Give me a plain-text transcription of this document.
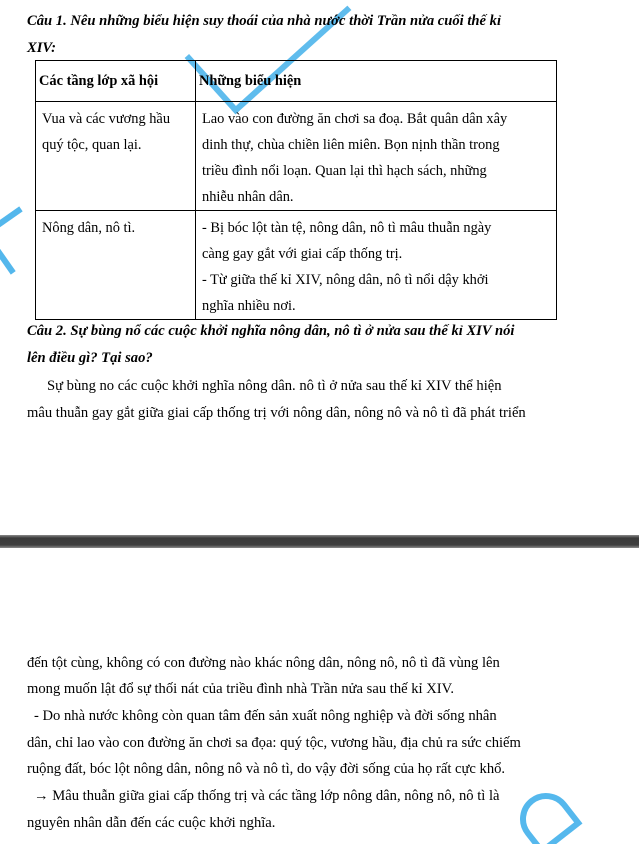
Câu 1. Nêu những biểu hiện suy thoái của nhà nước thời Trần nửa cuối thế kỉ
XIV:
Các tầng lớp xã hội	Những biểu hiện

Vua và các vương hầu
quý tộc, quan lại.	Lao vào con đường ăn chơi sa đoạ. Bắt quân dân xây
dinh thự, chùa chiền liên miên. Bọn nịnh thần trong
triều đình nổi loạn. Quan lại thì hạch sách, những
nhiễu nhân dân.

Nông dân, nô tì.	- Bị bóc lột tàn tệ, nông dân, nô tì mâu thuẫn ngày
càng gay gắt với giai cấp thống trị.
- Từ giữa thế kỉ XIV, nông dân, nô tì nổi dậy khởi
nghĩa nhiều nơi.
Câu 2. Sự bùng nổ các cuộc khởi nghĩa nông dân, nô tì ở nửa sau thế kỉ XIV nói
lên điều gì? Tại sao?
Sự bùng no các cuộc khởi nghĩa nông dân. nô tì ở nửa sau thế kỉ XIV thể hiện
mâu thuẫn gay gắt giữa giai cấp thống trị với nông dân, nông nô và nô tì đã phát triển
đến tột cùng, không có con đường nào khác nông dân, nông nô, nô tì đã vùng lên
mong muốn lật đổ sự thối nát của triều đình nhà Trần nửa sau thế kỉ XIV.
- Do nhà nước không còn quan tâm đến sản xuất nông nghiệp và đời sống nhân
dân, chỉ lao vào con đường ăn chơi sa đọa: quý tộc, vương hầu, địa chủ ra sức chiếm
ruộng đất, bóc lột nông dân, nông nô và nô tì, do vậy đời sống của họ rất cực khổ.
→ Mâu thuẫn giữa giai cấp thống trị và các tầng lớp nông dân, nông nô, nô tì là
nguyên nhân dẫn đến các cuộc khởi nghĩa.
